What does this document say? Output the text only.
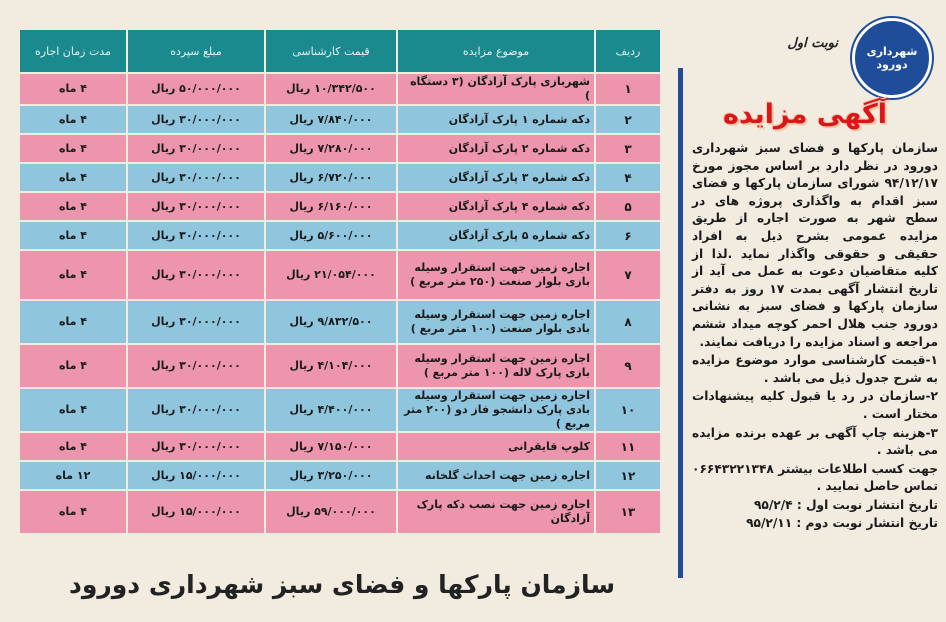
شهرداری
دورود
نوبت اول
آگهی مزایده

سازمان پارکها و فضای سبز شهرداری دورود در نظر دارد بر اساس مجوز مورخ ۹۴/۱۲/۱۷ شورای سازمان پارکها و فضای سبز اقدام به واگذاری پروژه های در سطح شهر به صورت اجاره از طریق مزایده عمومی بشرح ذیل به افراد حقیقی و حقوقی واگذار نماید .لذا از کلیه متقاضیان دعوت به عمل می آید از تاریخ انتشار آگهی بمدت ۱۷ روز به دفتر سازمان پارکها و فضای سبز به نشانی دورود جنب هلال احمر کوچه میداد ششم مراجعه و اسناد مزایده را دریافت نمایند.

۱-قیمت کارشناسی موارد موضوع مزایده به شرح جدول ذیل می باشد .

۲-سازمان در رد یا قبول کلیه پیشنهادات مختار است .

۳-هزینه چاپ آگهی بر عهده برنده مزایده می باشد .

جهت کسب اطلاعات بیشتر ۰۶۶۴۳۲۲۱۳۴۸ تماس حاصل نمایید .

تاریخ انتشار نوبت اول : ۹۵/۲/۴

تاریخ انتشار نوبت دوم : ۹۵/۲/۱۱

ردیف	موضوع مزایده	قیمت کارشناسی	مبلغ سپرده	مدت زمان اجاره
۱	شهربازی پارک آزادگان (۳ دستگاه )	۱۰/۳۴۲/۵۰۰ ریال	۵۰/۰۰۰/۰۰۰ ریال	۴ ماه
۲	دکه شماره ۱ پارک آزادگان	۷/۸۴۰/۰۰۰ ریال	۳۰/۰۰۰/۰۰۰ ریال	۴ ماه
۳	دکه شماره ۲ پارک آزادگان	۷/۲۸۰/۰۰۰ ریال	۳۰/۰۰۰/۰۰۰ ریال	۴ ماه
۴	دکه شماره ۳ پارک آزادگان	۶/۷۲۰/۰۰۰ ریال	۳۰/۰۰۰/۰۰۰ ریال	۴ ماه
۵	دکه شماره ۴ پارک آزادگان	۶/۱۶۰/۰۰۰ ریال	۳۰/۰۰۰/۰۰۰ ریال	۴ ماه
۶	دکه شماره ۵ پارک آزادگان	۵/۶۰۰/۰۰۰ ریال	۳۰/۰۰۰/۰۰۰ ریال	۴ ماه
۷	اجاره زمین جهت استقرار وسیله بازی بلوار صنعت (۲۵۰ متر مربع )	۲۱/۰۵۴/۰۰۰ ریال	۳۰/۰۰۰/۰۰۰ ریال	۴ ماه
۸	اجاره زمین جهت استقرار وسیله بادی بلوار صنعت (۱۰۰ متر مربع )	۹/۸۳۲/۵۰۰ ریال	۳۰/۰۰۰/۰۰۰ ریال	۴ ماه
۹	اجاره زمین جهت استقرار وسیله بازی پارک لاله (۱۰۰ متر مربع )	۴/۱۰۴/۰۰۰ ریال	۳۰/۰۰۰/۰۰۰ ریال	۴ ماه
۱۰	اجاره زمین جهت استقرار وسیله بادی پارک دانشجو فاز دو (۲۰۰ متر مربع )	۴/۴۰۰/۰۰۰ ریال	۳۰/۰۰۰/۰۰۰ ریال	۴ ماه
۱۱	کلوپ قایقرانی	۷/۱۵۰/۰۰۰ ریال	۳۰/۰۰۰/۰۰۰ ریال	۴ ماه
۱۲	اجاره زمین جهت احداث گلخانه	۳/۲۵۰/۰۰۰ ریال	۱۵/۰۰۰/۰۰۰ ریال	۱۲ ماه
۱۳	اجاره زمین جهت نصب دکه پارک آزادگان	۵۹/۰۰۰/۰۰۰ ریال	۱۵/۰۰۰/۰۰۰ ریال	۴ ماه
سازمان پارکها و فضای سبز شهرداری دورود
